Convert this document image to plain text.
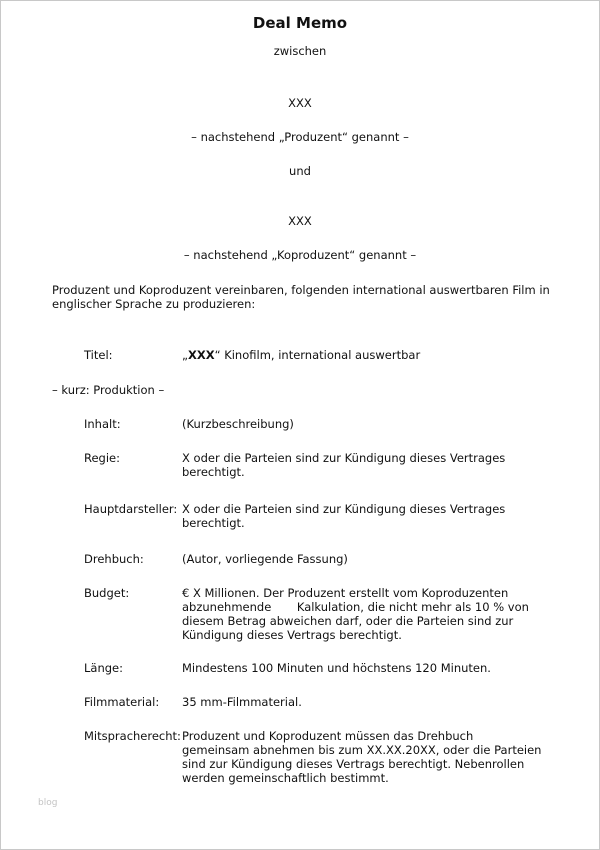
Deal Memo
zwischen
XXX
– nachstehend „Produzent“ genannt –
und
XXX
– nachstehend „Koproduzent“ genannt –
Produzent und Koproduzent vereinbaren, folgenden international auswertbaren Film in englischer Sprache zu produzieren:
Titel:	„XXX“ Kinofilm, international auswertbar
– kurz: Produktion –
Inhalt:	(Kurzbeschreibung)
Regie:	X oder die Parteien sind zur Kündigung dieses Vertrages berechtigt.
Hauptdarsteller: X oder die Parteien sind zur Kündigung dieses Vertrages berechtigt.
Drehbuch:	(Autor, vorliegende Fassung)
Budget:	€ X Millionen. Der Produzent erstellt vom Koproduzenten abzunehmende       Kalkulation, die nicht mehr als 10 % von diesem Betrag abweichen darf, oder die Parteien sind zur Kündigung dieses Vertrags berechtigt.
Länge:	Mindestens 100 Minuten und höchstens 120 Minuten.
Filmmaterial: 35 mm-Filmmaterial.
Mitspracherecht: Produzent und Koproduzent müssen das Drehbuch gemeinsam abnehmen bis zum XX.XX.20XX, oder die Parteien sind zur Kündigung dieses Vertrags berechtigt. Nebenrollen werden gemeinschaftlich bestimmt.
blog
